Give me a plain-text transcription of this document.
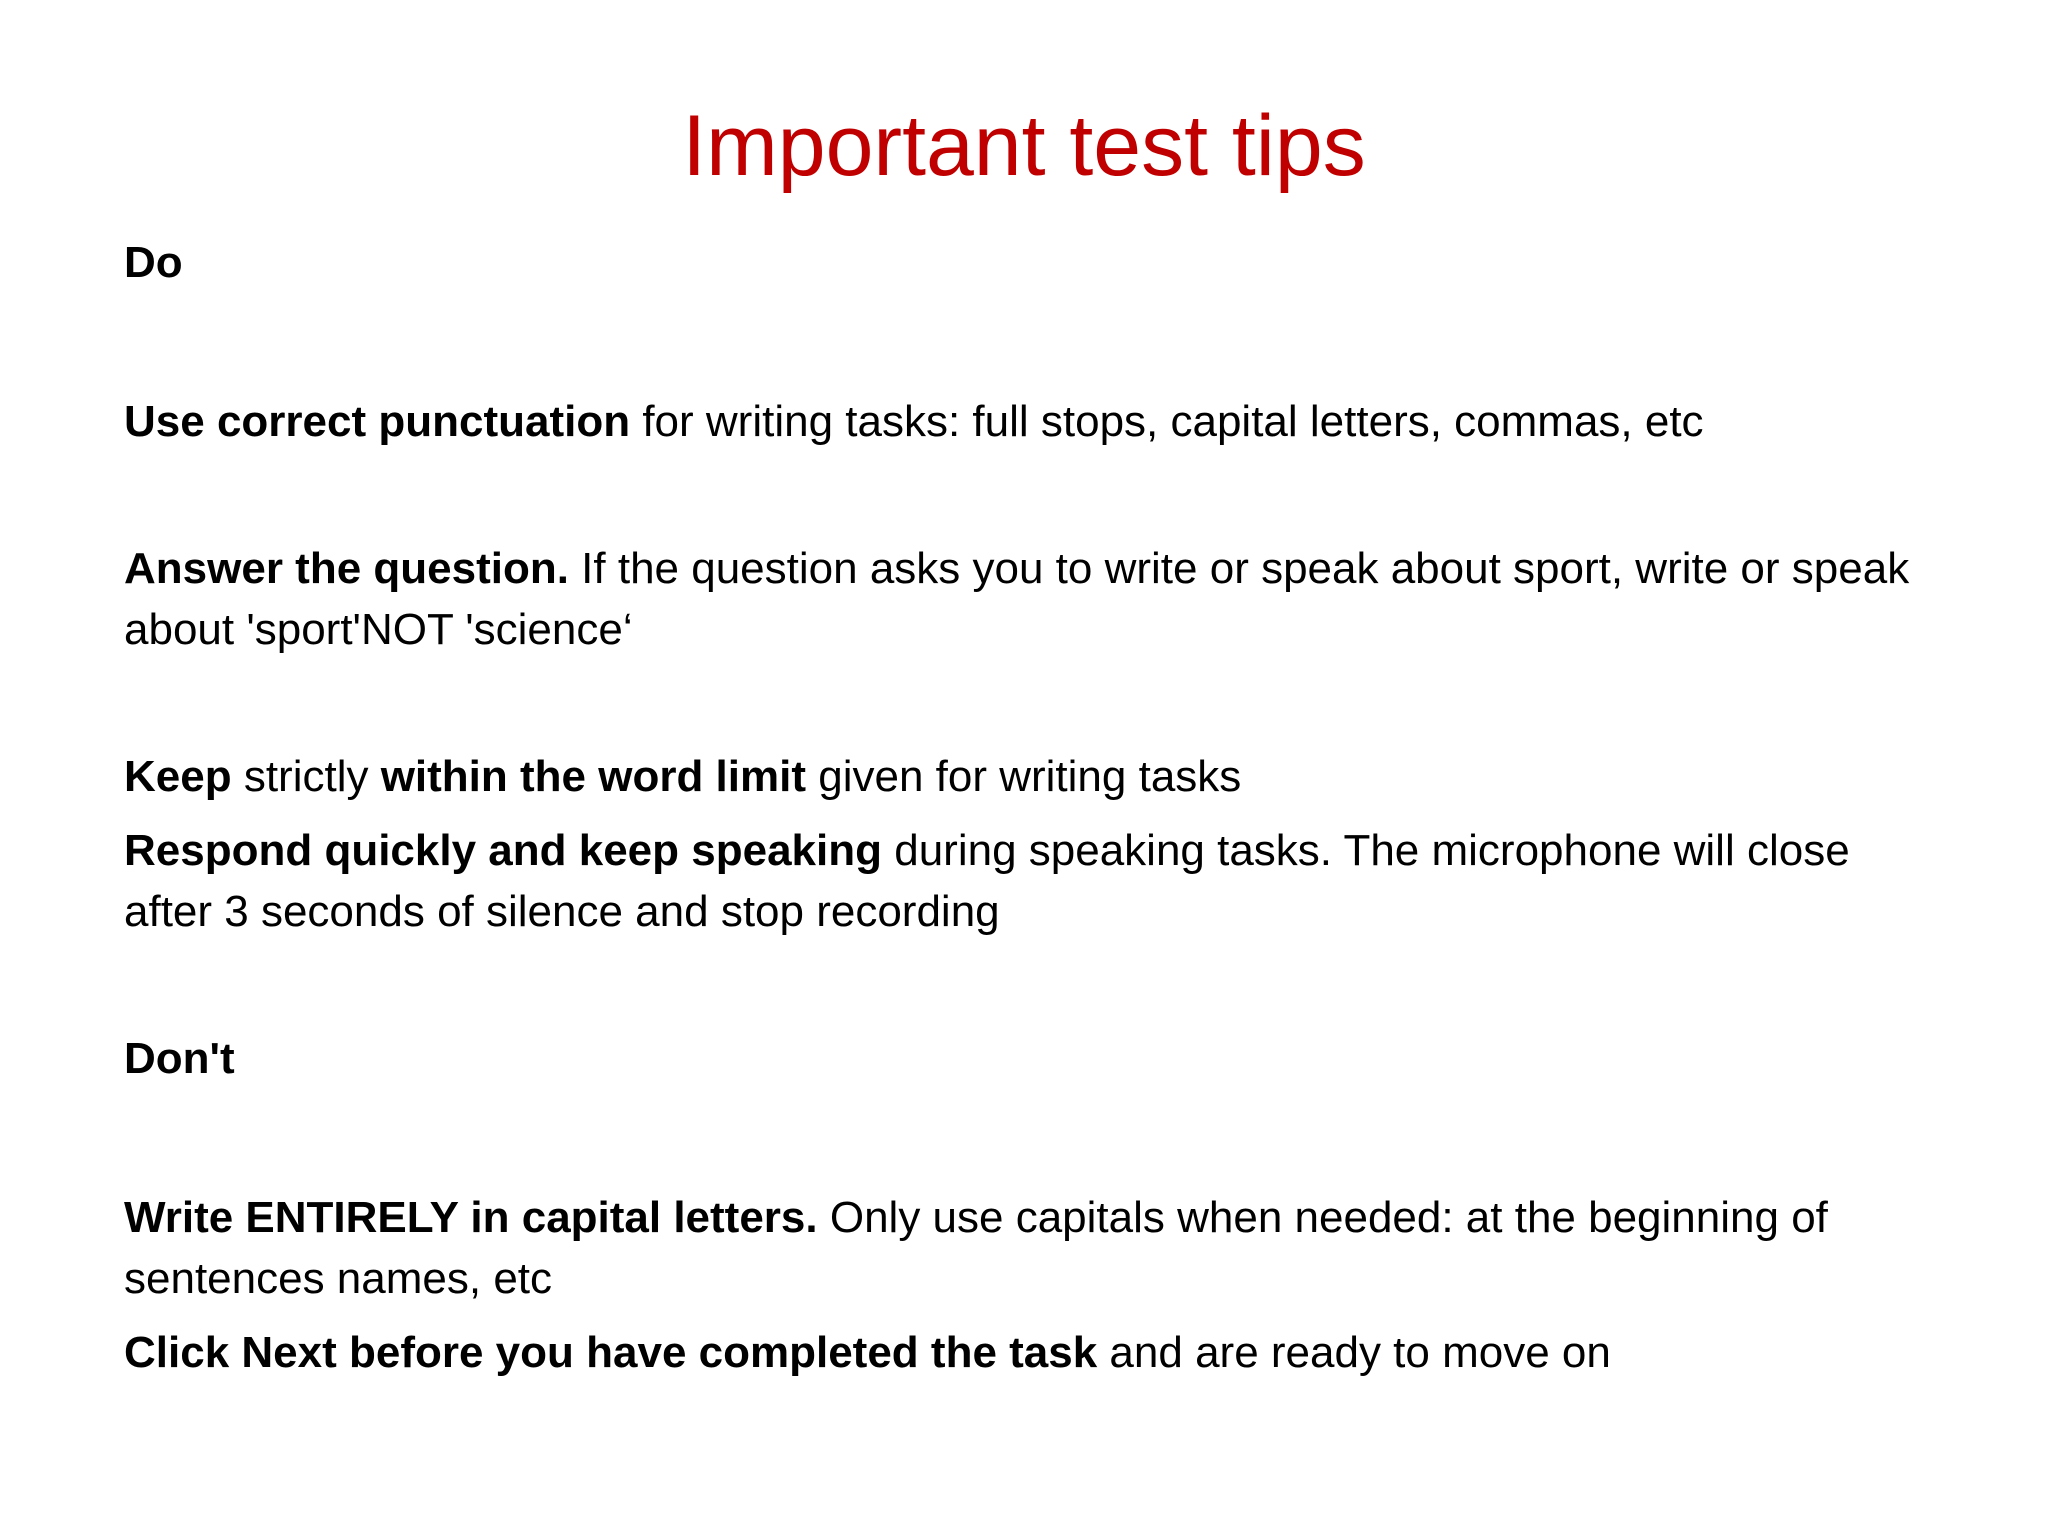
Important test tips

Do

Use correct punctuation for writing tasks: full stops, capital letters, commas, etc

Answer the question. If the question asks you to write or speak about sport, write or speak about 'sport'NOT 'science‘

Keep strictly within the word limit given for writing tasks

Respond quickly and keep speaking during speaking tasks. The microphone will close after 3 seconds of silence and stop recording

Don't

Write ENTIRELY in capital letters. Only use capitals when needed: at the beginning of sentences names, etc

Click Next before you have completed the task and are ready to move on
